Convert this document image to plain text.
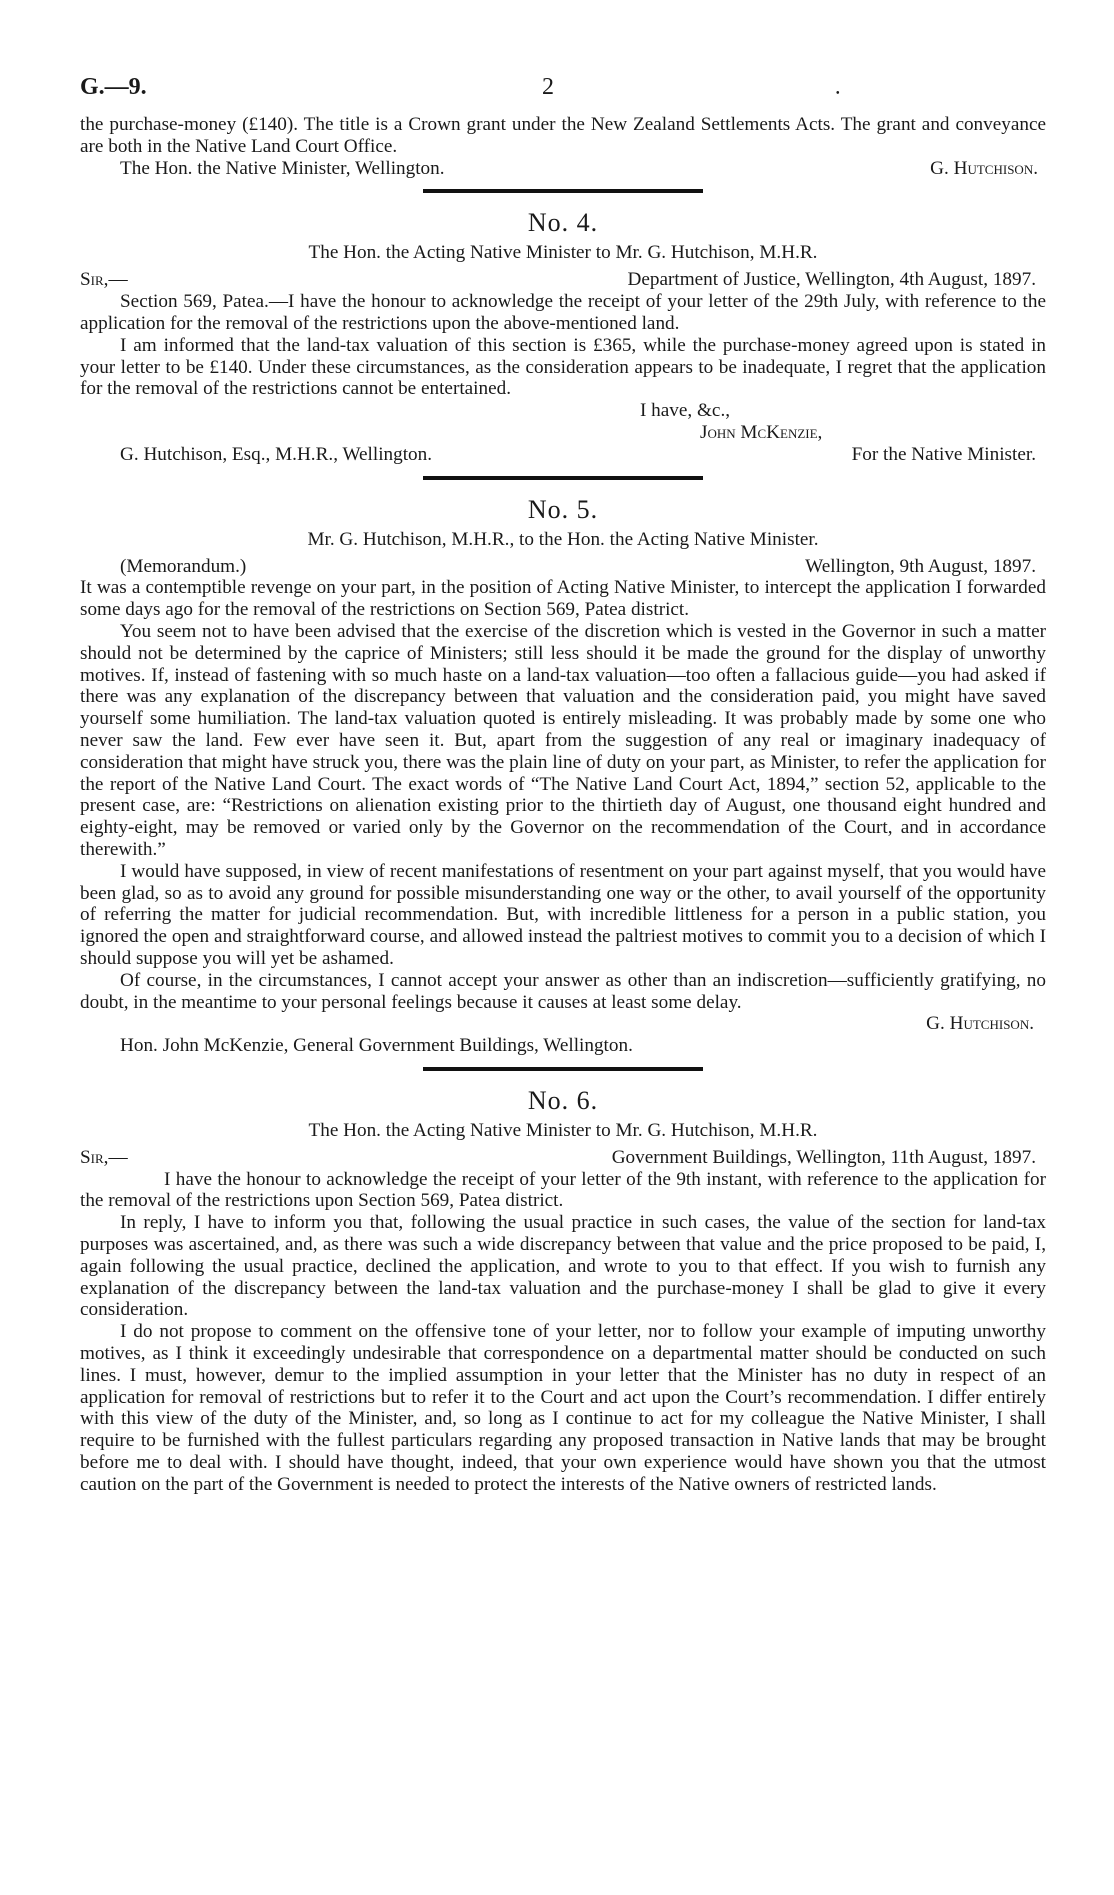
G.—9.	2	•

the purchase-money (£140). The title is a Crown grant under the New Zealand Settlements Acts. The grant and conveyance are both in the Native Land Court Office.

The Hon. the Native Minister, Wellington.	G. Hutchison.
No. 4.
The Hon. the Acting Native Minister to Mr. G. Hutchison, M.H.R.
Sir,—	Department of Justice, Wellington, 4th August, 1897.

Section 569, Patea.—I have the honour to acknowledge the receipt of your letter of the 29th July, with reference to the application for the removal of the restrictions upon the above-mentioned land.

I am informed that the land-tax valuation of this section is £365, while the purchase-money agreed upon is stated in your letter to be £140. Under these circumstances, as the consideration appears to be inadequate, I regret that the application for the removal of the restrictions cannot be entertained.

I have, &c.,
John McKenzie,
G. Hutchison, Esq., M.H.R., Wellington.	For the Native Minister.
No. 5.
Mr. G. Hutchison, M.H.R., to the Hon. the Acting Native Minister.
(Memorandum.)	Wellington, 9th August, 1897.

It was a contemptible revenge on your part, in the position of Acting Native Minister, to intercept the application I forwarded some days ago for the removal of the restrictions on Section 569, Patea district.

You seem not to have been advised that the exercise of the discretion which is vested in the Governor in such a matter should not be determined by the caprice of Ministers; still less should it be made the ground for the display of unworthy motives. If, instead of fastening with so much haste on a land-tax valuation—too often a fallacious guide—you had asked if there was any explanation of the discrepancy between that valuation and the consideration paid, you might have saved yourself some humiliation. The land-tax valuation quoted is entirely misleading. It was probably made by some one who never saw the land. Few ever have seen it. But, apart from the suggestion of any real or imaginary inadequacy of consideration that might have struck you, there was the plain line of duty on your part, as Minister, to refer the application for the report of the Native Land Court. The exact words of “The Native Land Court Act, 1894,” section 52, applicable to the present case, are: “Restrictions on alienation existing prior to the thirtieth day of August, one thousand eight hundred and eighty-eight, may be removed or varied only by the Governor on the recommendation of the Court, and in accordance therewith.”

I would have supposed, in view of recent manifestations of resentment on your part against myself, that you would have been glad, so as to avoid any ground for possible misunderstanding one way or the other, to avail yourself of the opportunity of referring the matter for judicial recommendation. But, with incredible littleness for a person in a public station, you ignored the open and straightforward course, and allowed instead the paltriest motives to commit you to a decision of which I should suppose you will yet be ashamed.

Of course, in the circumstances, I cannot accept your answer as other than an indiscretion—sufficiently gratifying, no doubt, in the meantime to your personal feelings because it causes at least some delay.

G. Hutchison.
Hon. John McKenzie, General Government Buildings, Wellington.
No. 6.
The Hon. the Acting Native Minister to Mr. G. Hutchison, M.H.R.
Sir,—	Government Buildings, Wellington, 11th August, 1897.

I have the honour to acknowledge the receipt of your letter of the 9th instant, with reference to the application for the removal of the restrictions upon Section 569, Patea district.

In reply, I have to inform you that, following the usual practice in such cases, the value of the section for land-tax purposes was ascertained, and, as there was such a wide discrepancy between that value and the price proposed to be paid, I, again following the usual practice, declined the application, and wrote to you to that effect. If you wish to furnish any explanation of the discrepancy between the land-tax valuation and the purchase-money I shall be glad to give it every consideration.

I do not propose to comment on the offensive tone of your letter, nor to follow your example of imputing unworthy motives, as I think it exceedingly undesirable that correspondence on a departmental matter should be conducted on such lines. I must, however, demur to the implied assumption in your letter that the Minister has no duty in respect of an application for removal of restrictions but to refer it to the Court and act upon the Court’s recommendation. I differ entirely with this view of the duty of the Minister, and, so long as I continue to act for my colleague the Native Minister, I shall require to be furnished with the fullest particulars regarding any proposed transaction in Native lands that may be brought before me to deal with. I should have thought, indeed, that your own experience would have shown you that the utmost caution on the part of the Government is needed to protect the interests of the Native owners of restricted lands.
